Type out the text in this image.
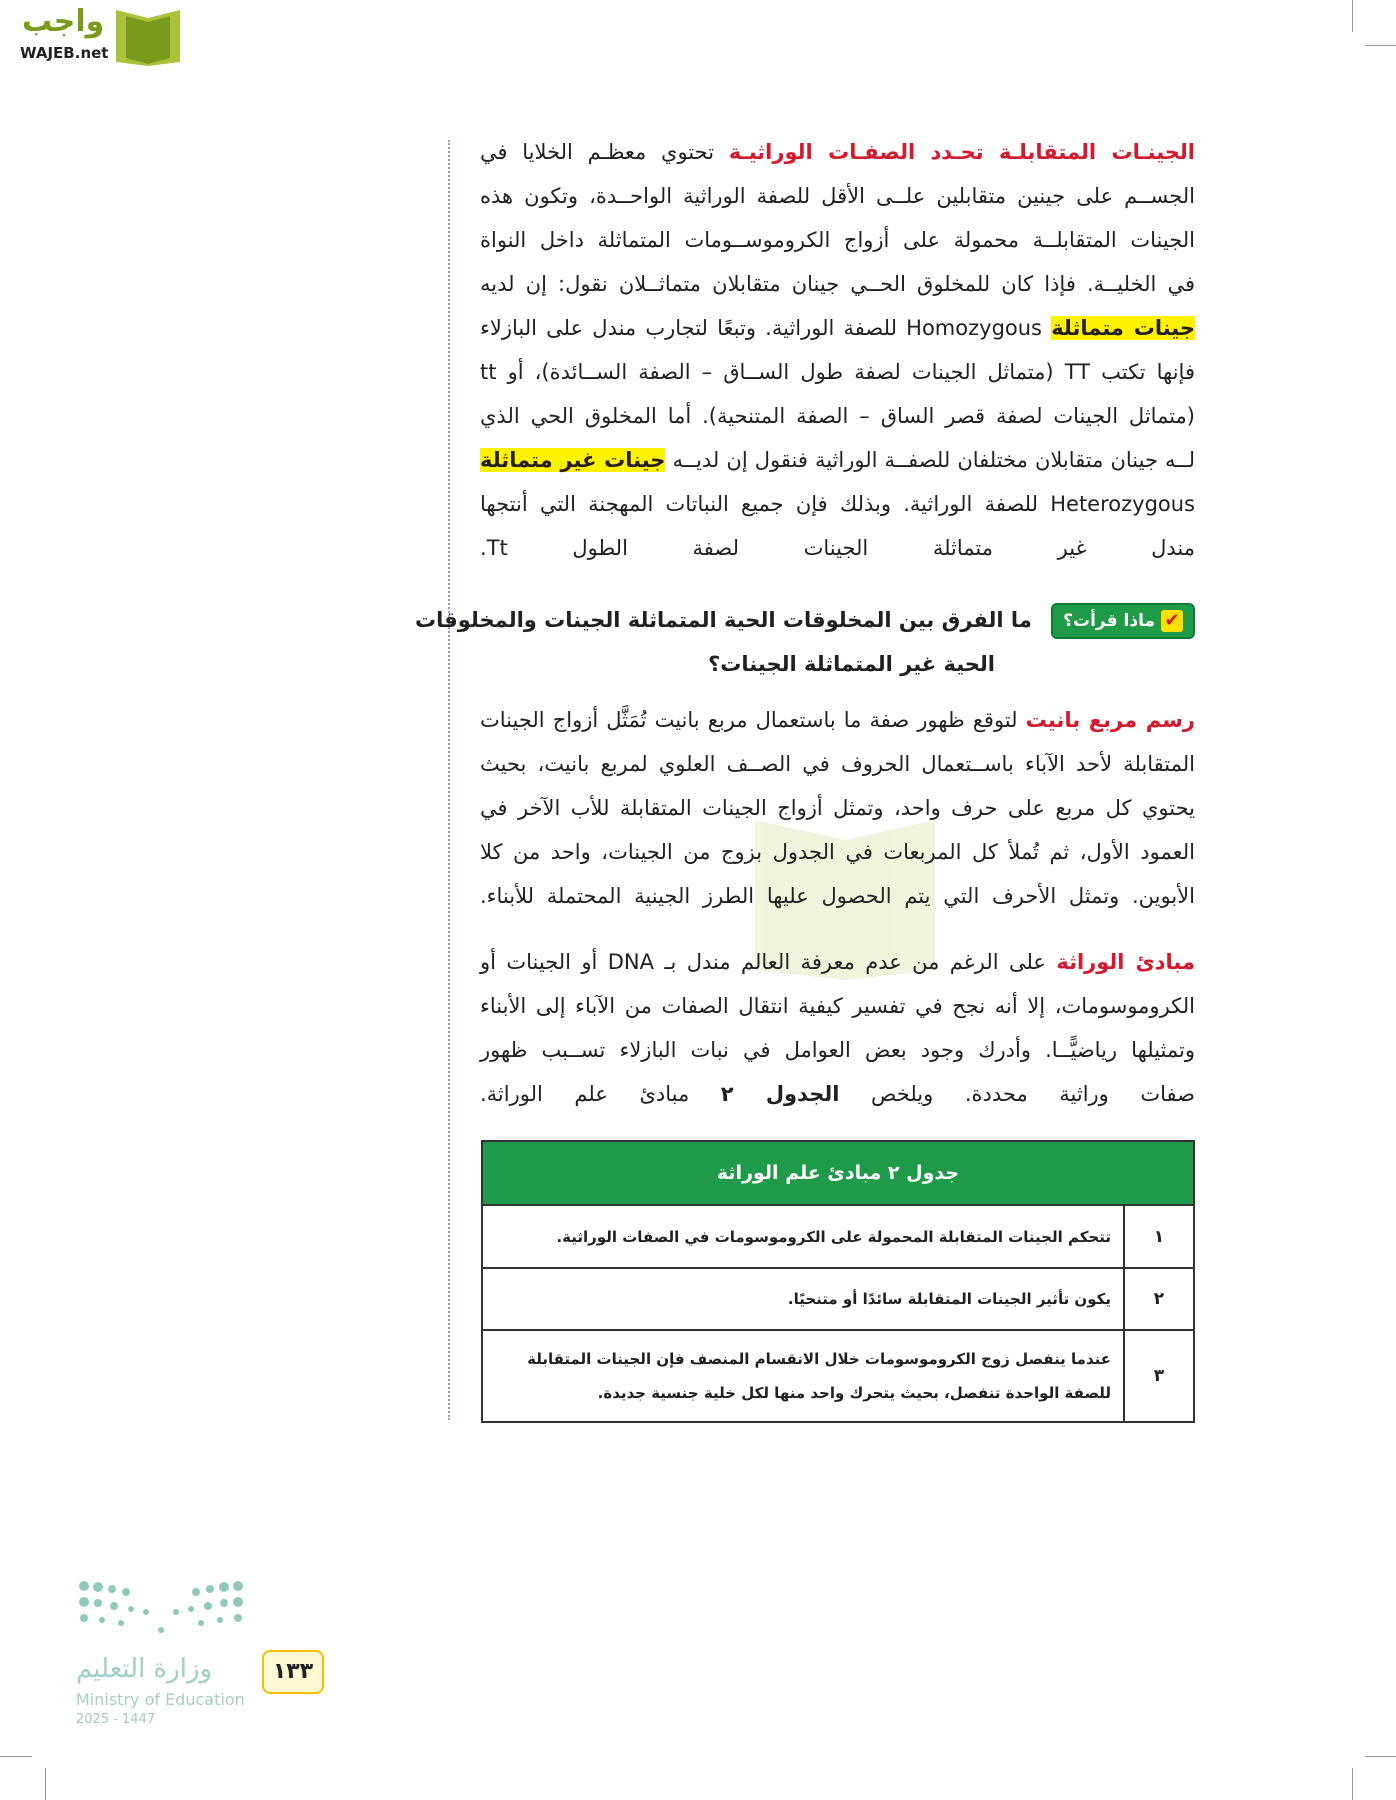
واجب
WAJEB.net
الجينـات المتقابلـة تحـدد الصفـات الوراثيـة تحتوي معظـم الخلايا في
الجســم على جينين متقابلين علــى الأقل للصفة الوراثية الواحــدة، وتكون هذه
الجينات المتقابلــة محمولة على أزواج الكروموســومات المتماثلة داخل النواة
في الخليــة. فإذا كان للمخلوق الحــي جينان متقابلان متماثــلان نقول: إن لديه
جينات متماثلة Homozygous للصفة الوراثية. وتبعًا لتجارب مندل على البازلاء
فإنها تكتب TT (متماثل الجينات لصفة طول الســاق – الصفة الســائدة)، أو tt
(متماثل الجينات لصفة قصر الساق – الصفة المتنحية). أما المخلوق الحي الذي
لــه جينان متقابلان مختلفان للصفــة الوراثية فنقول إن لديــه جينات غير متماثلة
Heterozygous للصفة الوراثية. وبذلك فإن جميع النباتات المهجنة التي أنتجها
مندل غير متماثلة الجينات لصفة الطول Tt.
✔
ماذا قرأت؟
ما الفرق بين المخلوقات الحية المتماثلة الجينات والمخلوقات
الحية غير المتماثلة الجينات؟
رسم مربع بانيت لتوقع ظهور صفة ما باستعمال مربع بانيت تُمَثَّل أزواج الجينات
المتقابلة لأحد الآباء باســتعمال الحروف في الصــف العلوي لمربع بانيت، بحيث
يحتوي كل مربع على حرف واحد، وتمثل أزواج الجينات المتقابلة للأب الآخر في
العمود الأول، ثم تُملأ كل المربعات في الجدول بزوج من الجينات، واحد من كلا
الأبوين. وتمثل الأحرف التي يتم الحصول عليها الطرز الجينية المحتملة للأبناء.
مبادئ الوراثة على الرغم من عدم معرفة العالم مندل بـ DNA أو الجينات أو
الكروموسومات، إلا أنه نجح في تفسير كيفية انتقال الصفات من الآباء إلى الأبناء
وتمثيلها رياضيًّــا. وأدرك وجود بعض العوامل في نبات البازلاء تســبب ظهور
صفات وراثية محددة. ويلخص الجدول ٢ مبادئ علم الوراثة.
جدول ٢ مبادئ علم الوراثة	
١	تتحكم الجينات المتقابلة المحمولة على الكروموسومات في الصفات الوراثية.
٢	يكون تأثير الجينات المتقابلة سائدًا أو متنحيًا.
٣	عندما ينفصل زوج الكروموسومات خلال الانقسام المنصف فإن الجينات المتقابلة للصفة الواحدة تنفصل، بحيث يتحرك واحد منها لكل خلية جنسية جديدة.
وزارة التعليم	١٣٣
Ministry of Education
2025 - 1447
